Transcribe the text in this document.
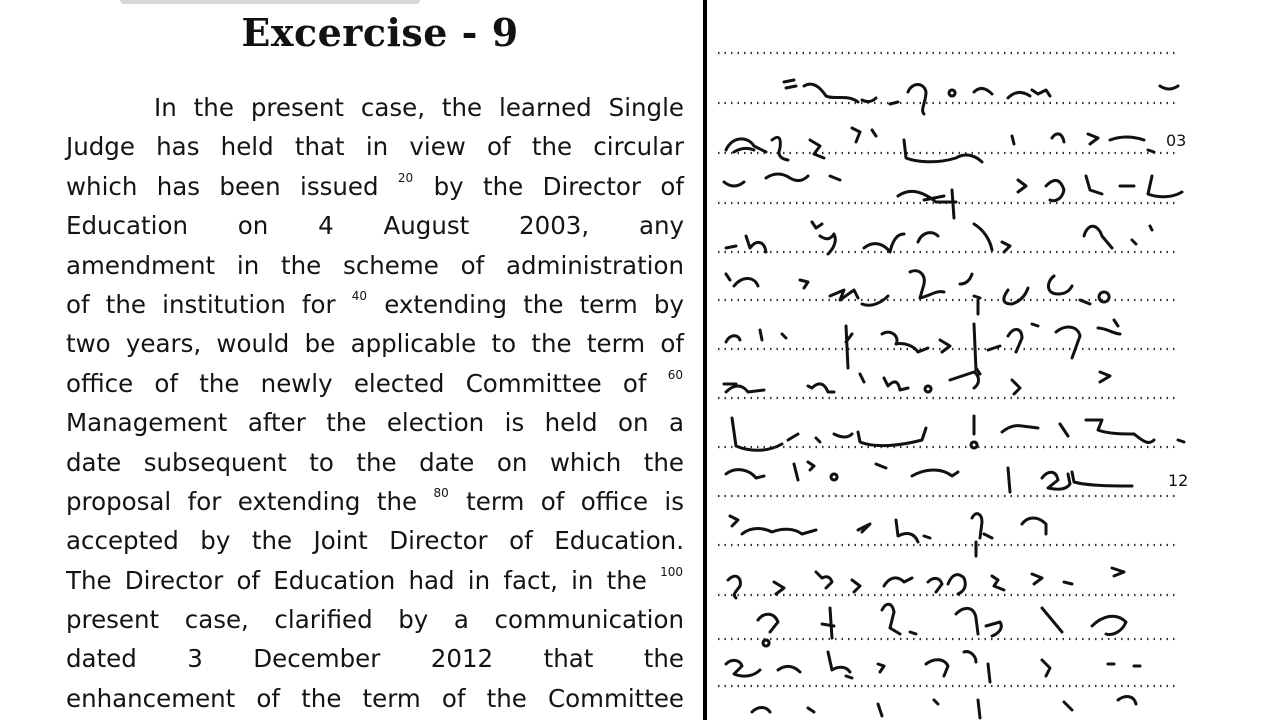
Excercise - 9
In the present case, the learned Single
Judge has held that in view of the circular
which has been issued $^{20}$ by the Director of
Education on 4 August 2003, any
amendment in the scheme of administration
of the institution for $^{40}$ extending the term by
two years, would be applicable to the term of
office of the newly elected Committee of $^{60}$
Management after the election is held on a
date subsequent to the date on which the
proposal for extending the $^{80}$ term of office is
accepted by the Joint Director of Education.
The Director of Education had in fact, in the $^{100}$
present case, clarified by a communication
dated 3 December 2012 that the
enhancement of the term of the Committee
03
12
